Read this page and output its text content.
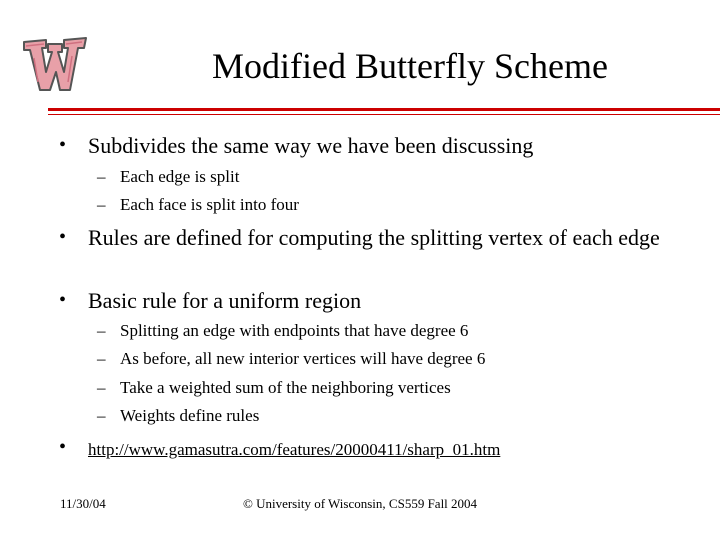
Modified Butterfly Scheme
• Subdivides the same way we have been discussing
– Each edge is split
– Each face is split into four
• Rules are defined for computing the splitting vertex of each edge
• Basic rule for a uniform region
– Splitting an edge with endpoints that have degree 6
– As before, all new interior vertices will have degree 6
– Take a weighted sum of the neighboring vertices
– Weights define rules
• http://www.gamasutra.com/features/20000411/sharp_01.htm
11/30/04	© University of Wisconsin, CS559 Fall 2004
